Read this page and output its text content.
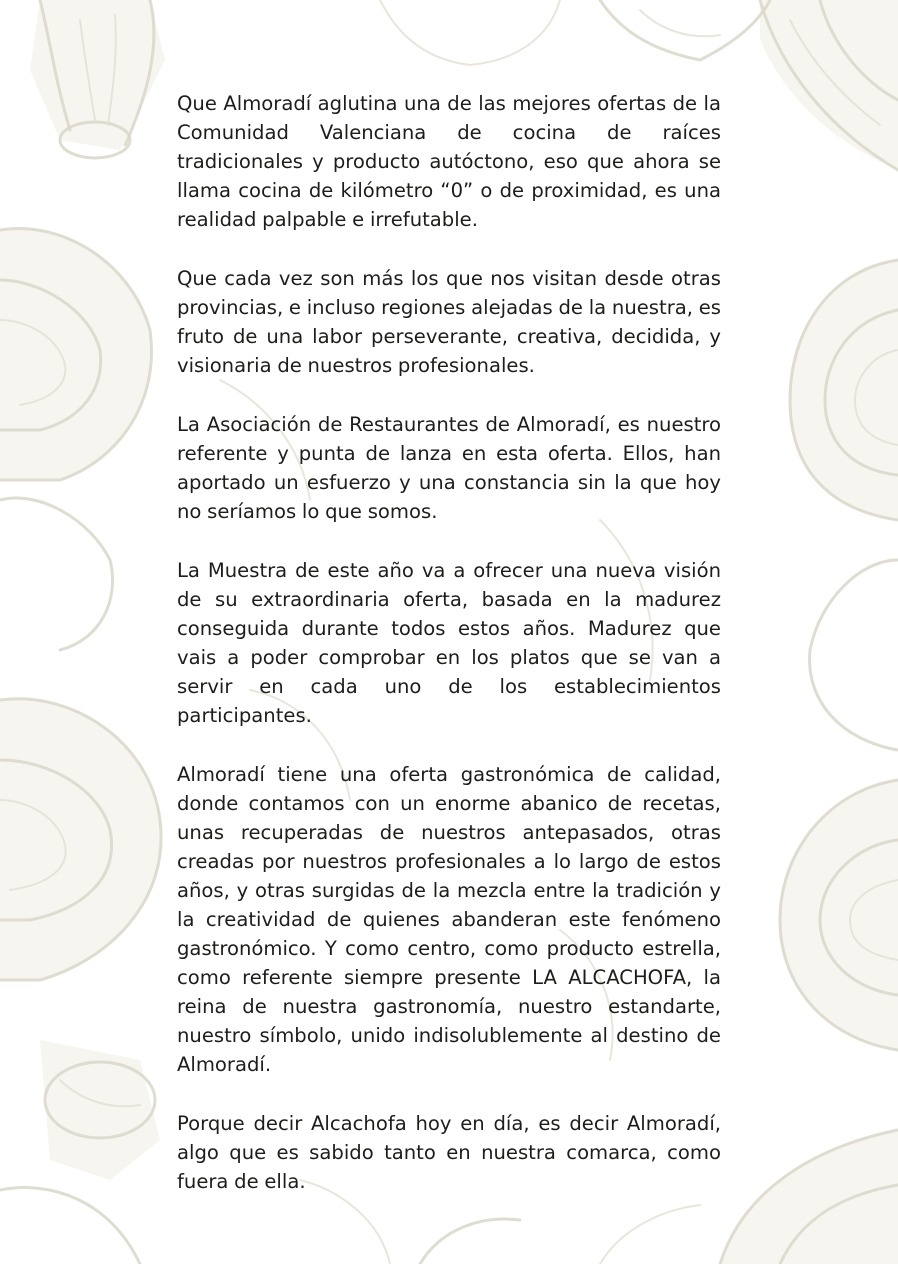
Que Almoradí aglutina una de las mejores ofertas de la Comunidad Valenciana de cocina de raíces tradicionales y producto autóctono, eso que ahora se llama cocina de kilómetro “0” o de proximidad, es una realidad palpable e irrefutable.

Que cada vez son más los que nos visitan desde otras provincias, e incluso regiones alejadas de la nuestra, es fruto de una labor perseverante, creativa, decidida, y visionaria de nuestros profesionales.

La Asociación de Restaurantes de Almoradí, es nuestro referente y punta de lanza en esta oferta. Ellos, han aportado un esfuerzo y una constancia sin la que hoy no seríamos lo que somos.

La Muestra de este año va a ofrecer una nueva visión de su extraordinaria oferta, basada en la madurez conseguida durante todos estos años. Madurez que vais a poder comprobar en los platos que se van a servir en cada uno de los establecimientos participantes.

Almoradí tiene una oferta gastronómica de calidad, donde contamos con un enorme abanico de recetas, unas recuperadas de nuestros antepasados, otras creadas por nuestros profesionales a lo largo de estos años, y otras surgidas de la mezcla entre la tradición y la creatividad de quienes abanderan este fenómeno gastronómico. Y como centro, como producto estrella, como referente siempre presente LA ALCACHOFA, la reina de nuestra gastronomía, nuestro estandarte, nuestro símbolo, unido indisolublemente al destino de Almoradí.

Porque decir Alcachofa hoy en día, es decir Almoradí, algo que es sabido tanto en nuestra comarca, como fuera de ella.
